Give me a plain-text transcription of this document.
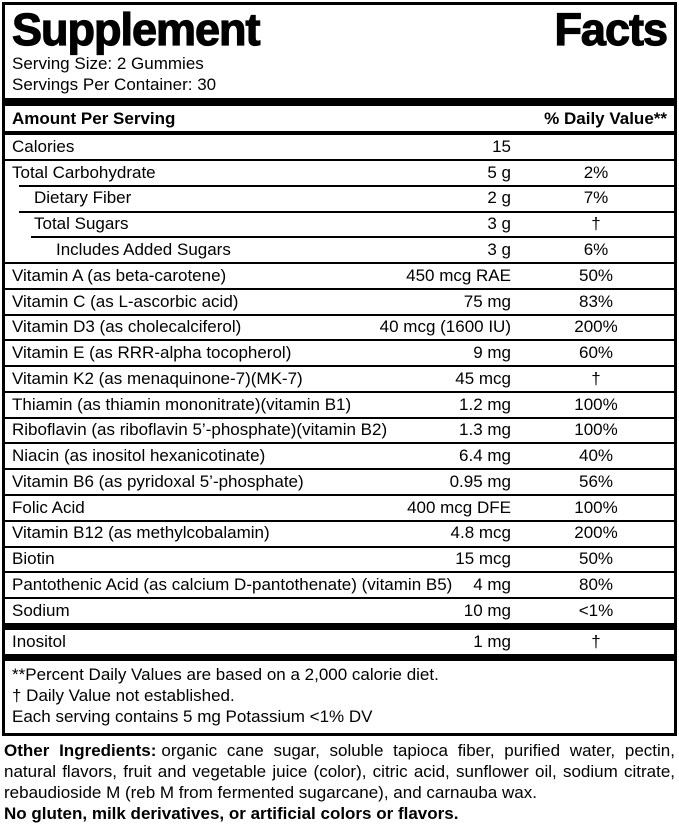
Supplement Facts

Serving Size: 2 Gummies

Servings Per Container: 30

Amount Per Serving	% Daily Value**
Calories	15
Total Carbohydrate	5 g	2%
Dietary Fiber	2 g	7%
Total Sugars	3 g	†
Includes Added Sugars	3 g	6%
Vitamin A (as beta-carotene)	450 mcg RAE	50%
Vitamin C (as L-ascorbic acid)	75 mg	83%
Vitamin D3 (as cholecalciferol)	40 mcg (1600 IU)	200%
Vitamin E (as RRR-alpha tocopherol)	9 mg	60%
Vitamin K2 (as menaquinone-7)(MK-7)	45 mcg	†
Thiamin (as thiamin mononitrate)(vitamin B1)	1.2 mg	100%
Riboflavin (as riboflavin 5’-phosphate)(vitamin B2)	1.3 mg	100%
Niacin (as inositol hexanicotinate)	6.4 mg	40%
Vitamin B6 (as pyridoxal 5’-phosphate)	0.95 mg	56%
Folic Acid	400 mcg DFE	100%
Vitamin B12 (as methylcobalamin)	4.8 mcg	200%
Biotin	15 mcg	50%
Pantothenic Acid (as calcium D-pantothenate) (vitamin B5)	4 mg	80%
Sodium	10 mg	<1%
Inositol	1 mg	†

**Percent Daily Values are based on a 2,000 calorie diet.

† Daily Value not established.

Each serving contains 5 mg Potassium <1% DV

Other Ingredients: organic cane sugar, soluble tapioca fiber, purified water, pectin, natural flavors, fruit and vegetable juice (color), citric acid, sunflower oil, sodium citrate, rebaudioside M (reb M from fermented sugarcane), and carnauba wax.

No gluten, milk derivatives, or artificial colors or flavors.
